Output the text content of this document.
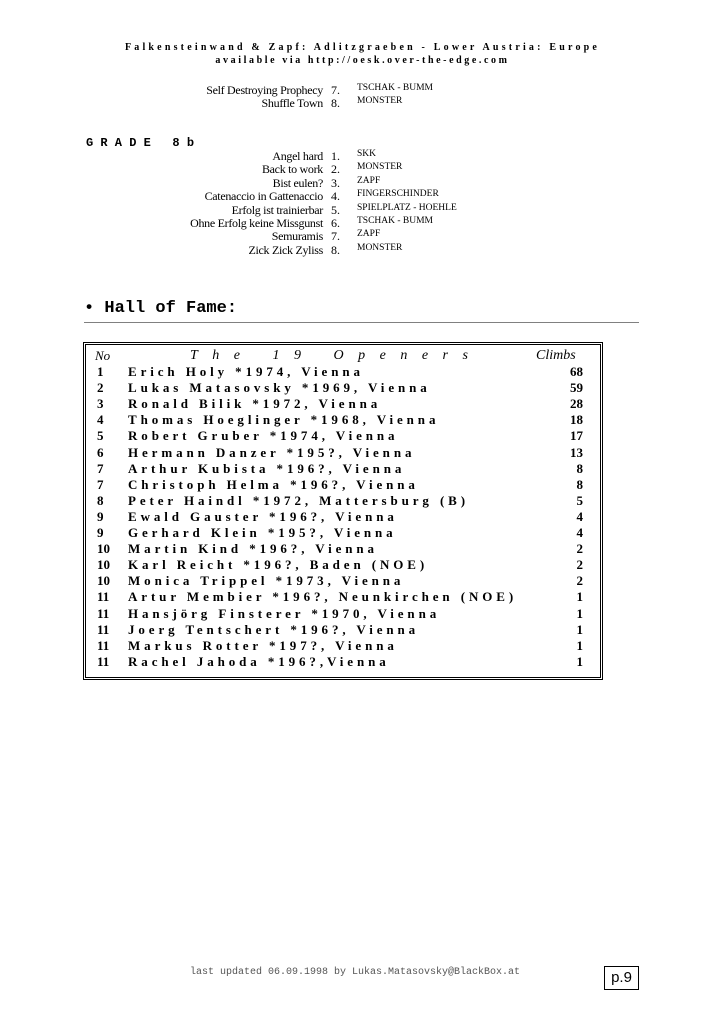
Falkensteinwand & Zapf: Adlitzgraeben - Lower Austria: Europe
available via http://oesk.over-the-edge.com
Self Destroying Prophecy 7.	TSCHAK - BUMM
Shuffle Town 8.	MONSTER
G R A D E   8 b
Angel hard 1.	SKK
Back to work 2.	MONSTER
Bist eulen? 3.	ZAPF
Catenaccio in Gattenaccio 4.	FINGERSCHINDER
Erfolg ist trainierbar 5.	SPIELPLATZ - HOEHLE
Ohne Erfolg keine Missgunst 6.	TSCHAK - BUMM
Semuramis 7.	ZAPF
Zick Zick Zyliss 8.	MONSTER
• Hall of Fame:
No	The 19 Openers	Climbs
1	Erich Holy *1974, Vienna	68
2	Lukas Matasovsky *1969, Vienna	59
3	Ronald Bilik *1972, Vienna	28
4	Thomas Hoeglinger *1968, Vienna	18
5	Robert Gruber *1974, Vienna	17
6	Hermann Danzer *195?, Vienna	13
7	Arthur Kubista *196?, Vienna	8
7	Christoph Helma *196?, Vienna	8
8	Peter Haindl *1972, Mattersburg (B)	5
9	Ewald Gauster *196?, Vienna	4
9	Gerhard Klein *195?, Vienna	4
10	Martin Kind *196?, Vienna	2
10	Karl Reicht *196?, Baden (NOE)	2
10	Monica Trippel *1973, Vienna	2
11	Artur Membier *196?, Neunkirchen (NOE)	1
11	Hansjörg Finsterer *1970, Vienna	1
11	Joerg Tentschert *196?, Vienna	1
11	Markus Rotter *197?, Vienna	1
11	Rachel Jahoda *196?,Vienna	1
last updated 06.09.1998 by Lukas.Matasovsky@BlackBox.at	p.9
